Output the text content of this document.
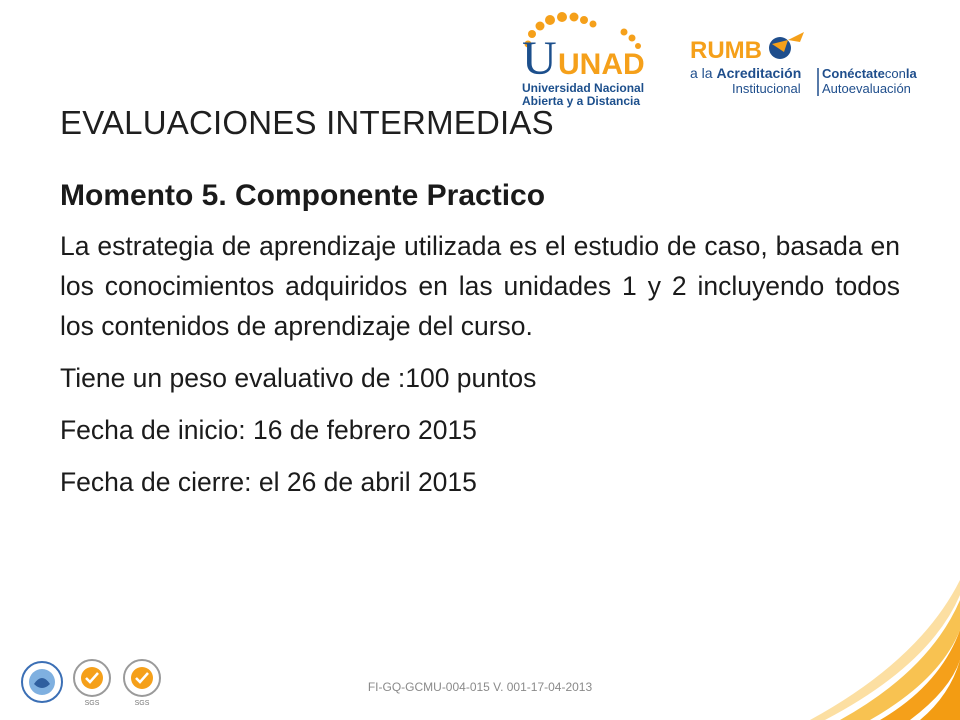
U UNAD
Universidad Nacional
Abierta y a Distancia
RUMB
a la Acreditación
Institucional
Conéctateconla
Autoevaluación
EVALUACIONES INTERMEDIAS
Momento 5. Componente Practico
La estrategia de aprendizaje utilizada es el estudio de caso, basada en los conocimientos adquiridos en las unidades 1 y 2 incluyendo todos los contenidos de aprendizaje del curso.
Tiene un peso evaluativo de :100 puntos
Fecha de inicio: 16 de febrero 2015
Fecha de cierre: el 26 de abril 2015
SGS	SGS
FI-GQ-GCMU-004-015 V. 001-17-04-2013
